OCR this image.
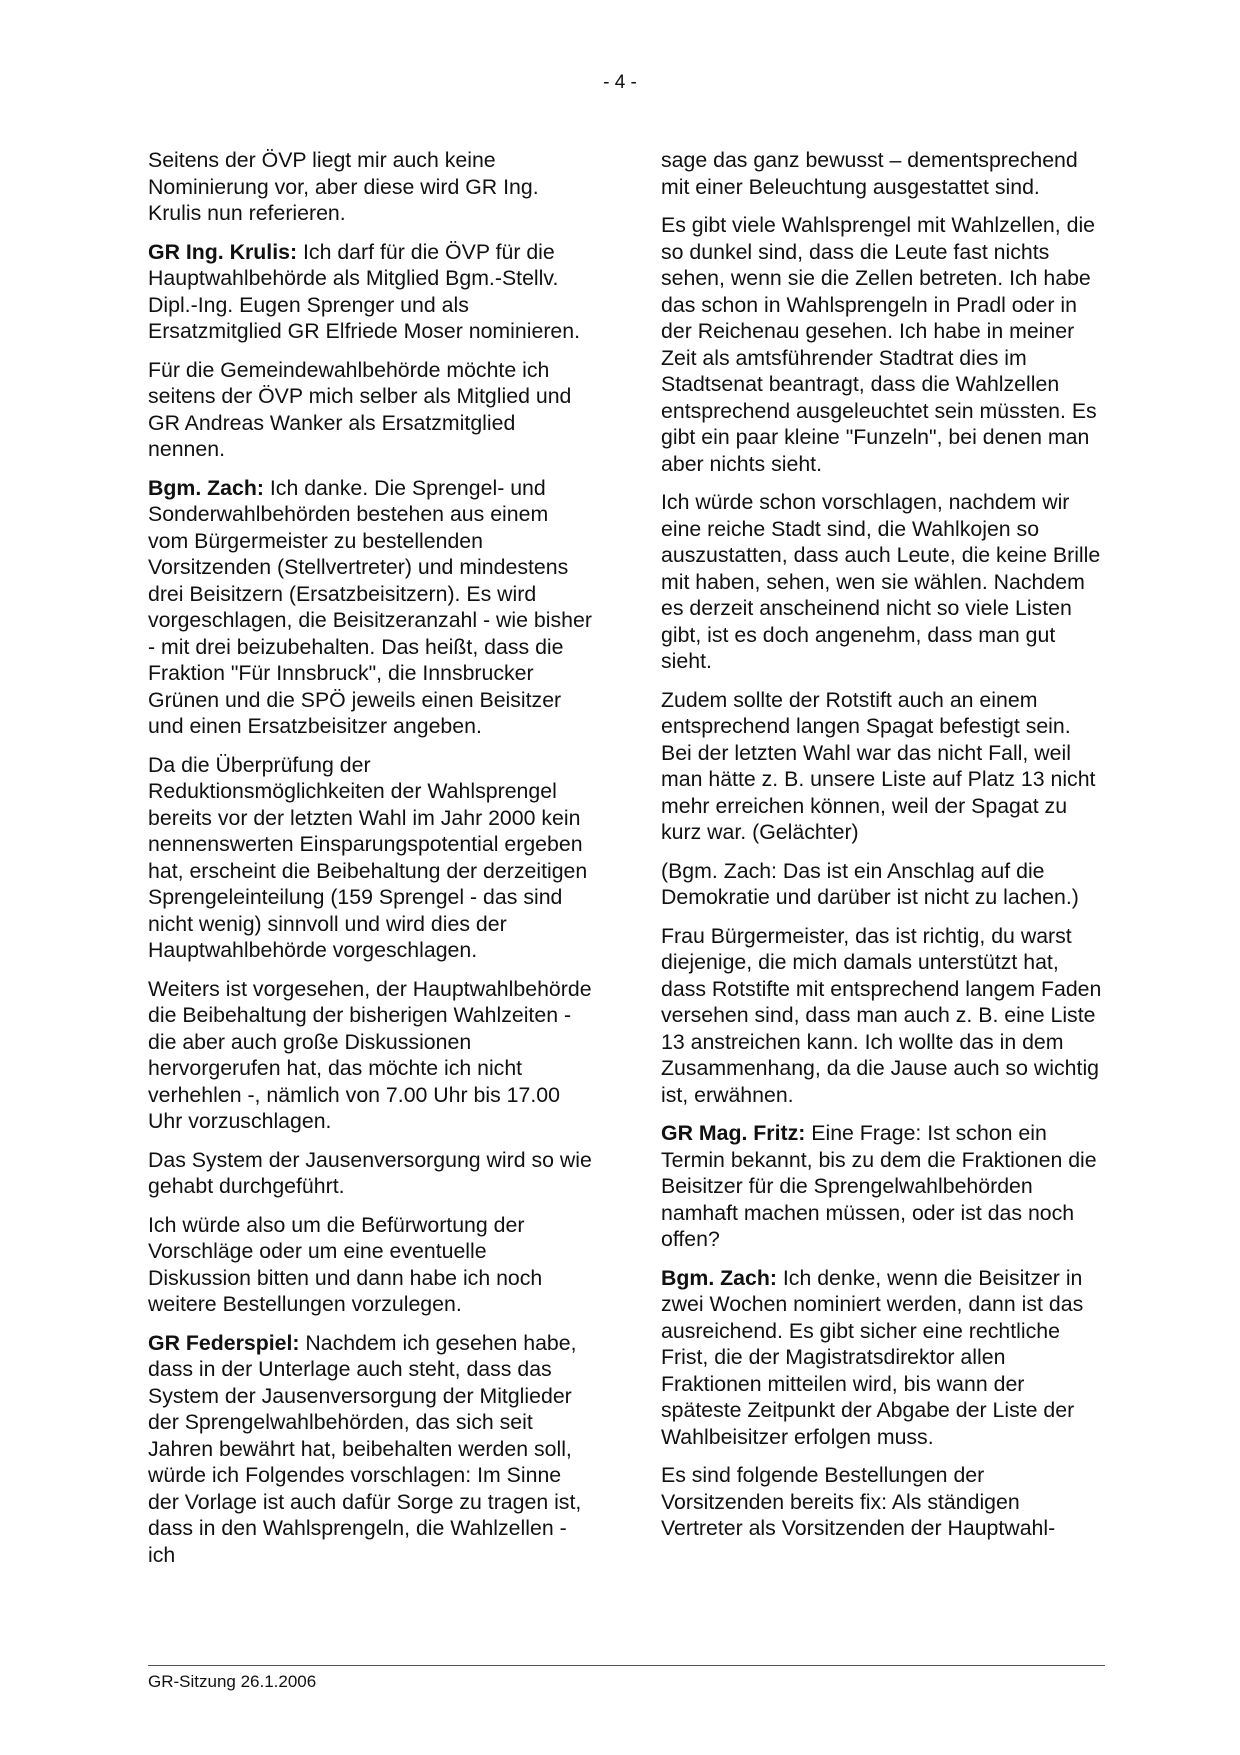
- 4 -

Seitens der ÖVP liegt mir auch keine Nominierung vor, aber diese wird GR Ing. Krulis nun referieren.

GR Ing. Krulis: Ich darf für die ÖVP für die Hauptwahlbehörde als Mitglied Bgm.-Stellv. Dipl.-Ing. Eugen Sprenger und als Ersatzmitglied GR Elfriede Moser nominieren.

Für die Gemeindewahlbehörde möchte ich seitens der ÖVP mich selber als Mitglied und GR Andreas Wanker als Ersatzmitglied nennen.

Bgm. Zach: Ich danke. Die Sprengel- und Sonderwahlbehörden bestehen aus einem vom Bürgermeister zu bestellenden Vorsitzenden (Stellvertreter) und mindestens drei Beisitzern (Ersatzbeisitzern). Es wird vorgeschlagen, die Beisitzeranzahl - wie bisher - mit drei beizubehalten. Das heißt, dass die Fraktion "Für Innsbruck", die Innsbrucker Grünen und die SPÖ jeweils einen Beisitzer und einen Ersatzbeisitzer angeben.

Da die Überprüfung der Reduktionsmöglichkeiten der Wahlsprengel bereits vor der letzten Wahl im Jahr 2000 kein nennenswerten Einsparungspotential ergeben hat, erscheint die Beibehaltung der derzeitigen Sprengeleinteilung (159 Sprengel - das sind nicht wenig) sinnvoll und wird dies der Hauptwahlbehörde vorgeschlagen.

Weiters ist vorgesehen, der Hauptwahlbehörde die Beibehaltung der bisherigen Wahlzeiten - die aber auch große Diskussionen hervorgerufen hat, das möchte ich nicht verhehlen -, nämlich von 7.00 Uhr bis 17.00 Uhr vorzuschlagen.

Das System der Jausenversorgung wird so wie gehabt durchgeführt.

Ich würde also um die Befürwortung der Vorschläge oder um eine eventuelle Diskussion bitten und dann habe ich noch weitere Bestellungen vorzulegen.

GR Federspiel: Nachdem ich gesehen habe, dass in der Unterlage auch steht, dass das System der Jausenversorgung der Mitglieder der Sprengelwahlbehörden, das sich seit Jahren bewährt hat, beibehalten werden soll, würde ich Folgendes vorschlagen: Im Sinne der Vorlage ist auch dafür Sorge zu tragen ist, dass in den Wahlsprengeln, die Wahlzellen - ich

sage das ganz bewusst – dementsprechend mit einer Beleuchtung ausgestattet sind.

Es gibt viele Wahlsprengel mit Wahlzellen, die so dunkel sind, dass die Leute fast nichts sehen, wenn sie die Zellen betreten. Ich habe das schon in Wahlsprengeln in Pradl oder in der Reichenau gesehen. Ich habe in meiner Zeit als amtsführender Stadtrat dies im Stadtsenat beantragt, dass die Wahlzellen entsprechend ausgeleuchtet sein müssten. Es gibt ein paar kleine "Funzeln", bei denen man aber nichts sieht.

Ich würde schon vorschlagen, nachdem wir eine reiche Stadt sind, die Wahlkojen so auszustatten, dass auch Leute, die keine Brille mit haben, sehen, wen sie wählen. Nachdem es derzeit anscheinend nicht so viele Listen gibt, ist es doch angenehm, dass man gut sieht.

Zudem sollte der Rotstift auch an einem entsprechend langen Spagat befestigt sein. Bei der letzten Wahl war das nicht Fall, weil man hätte z. B. unsere Liste auf Platz 13 nicht mehr erreichen können, weil der Spagat zu kurz war. (Gelächter)

(Bgm. Zach: Das ist ein Anschlag auf die Demokratie und darüber ist nicht zu lachen.)

Frau Bürgermeister, das ist richtig, du warst diejenige, die mich damals unterstützt hat, dass Rotstifte mit entsprechend langem Faden versehen sind, dass man auch z. B. eine Liste 13 anstreichen kann. Ich wollte das in dem Zusammenhang, da die Jause auch so wichtig ist, erwähnen.

GR Mag. Fritz: Eine Frage: Ist schon ein Termin bekannt, bis zu dem die Fraktionen die Beisitzer für die Sprengelwahlbehörden namhaft machen müssen, oder ist das noch offen?

Bgm. Zach: Ich denke, wenn die Beisitzer in zwei Wochen nominiert werden, dann ist das ausreichend. Es gibt sicher eine rechtliche Frist, die der Magistratsdirektor allen Fraktionen mitteilen wird, bis wann der späteste Zeitpunkt der Abgabe der Liste der Wahlbeisitzer erfolgen muss.

Es sind folgende Bestellungen der Vorsitzenden bereits fix: Als ständigen Vertreter als Vorsitzenden der Hauptwahl-

GR-Sitzung 26.1.2006
